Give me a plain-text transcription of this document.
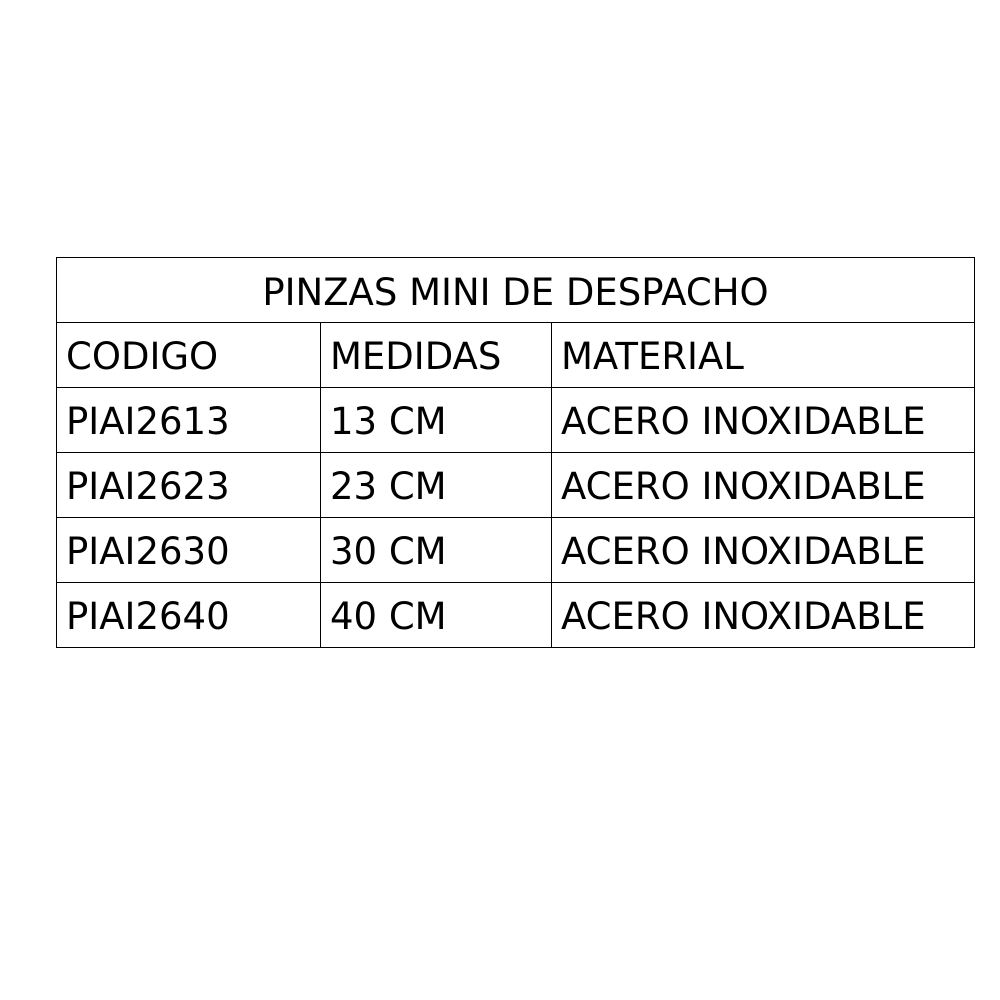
PINZAS MINI DE DESPACHO		
CODIGO	MEDIDAS	MATERIAL
PIAI2613	13 CM	ACERO INOXIDABLE
PIAI2623	23 CM	ACERO INOXIDABLE
PIAI2630	30 CM	ACERO INOXIDABLE
PIAI2640	40 CM	ACERO INOXIDABLE
